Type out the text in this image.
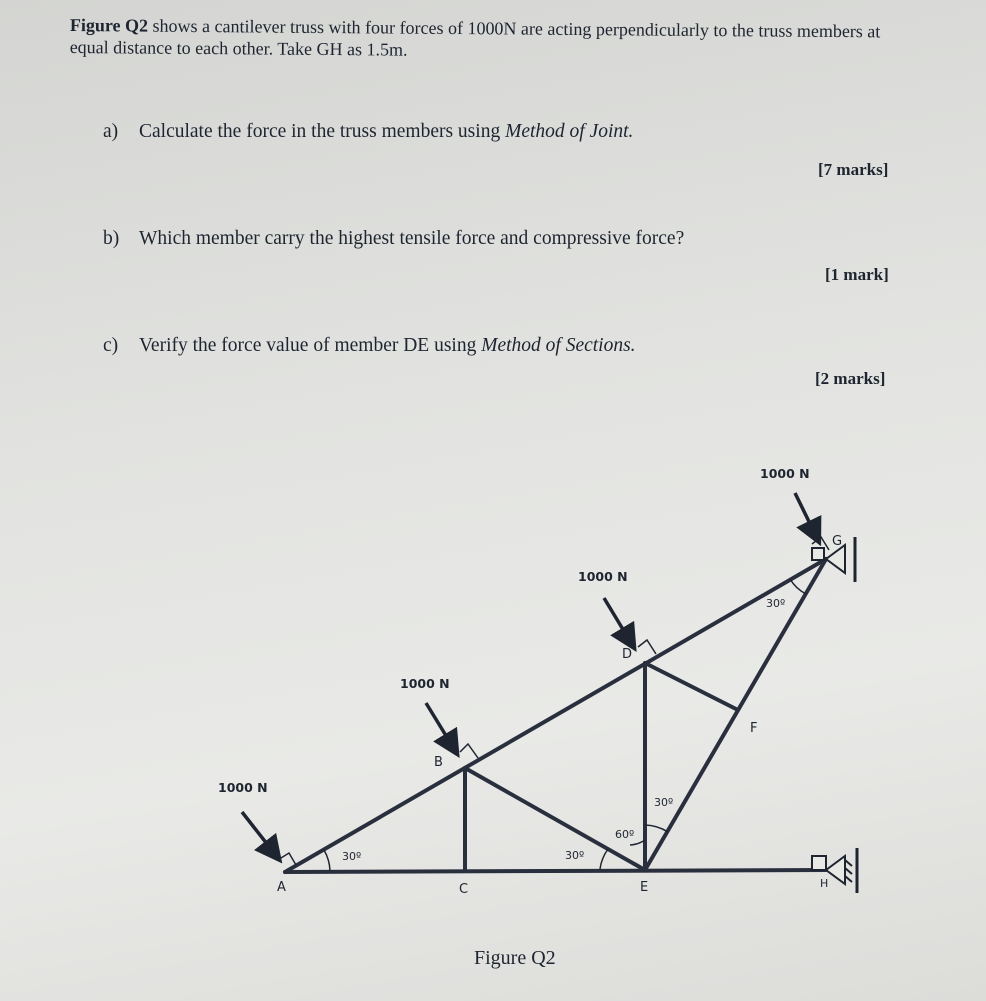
Figure Q2 shows a cantilever truss with four forces of 1000N are acting perpendicularly to the truss members at equal distance to each other. Take GH as 1.5m.
a) Calculate the force in the truss members using Method of Joint.
[7 marks]
b) Which member carry the highest tensile force and compressive force?
[1 mark]
c) Verify the force value of member DE using Method of Sections.
[2 marks]
A
B
C
D
E
F
G
H
1000 N
1000 N
1000 N
1000 N
30º	30º
60º
30º
30º
Figure Q2
